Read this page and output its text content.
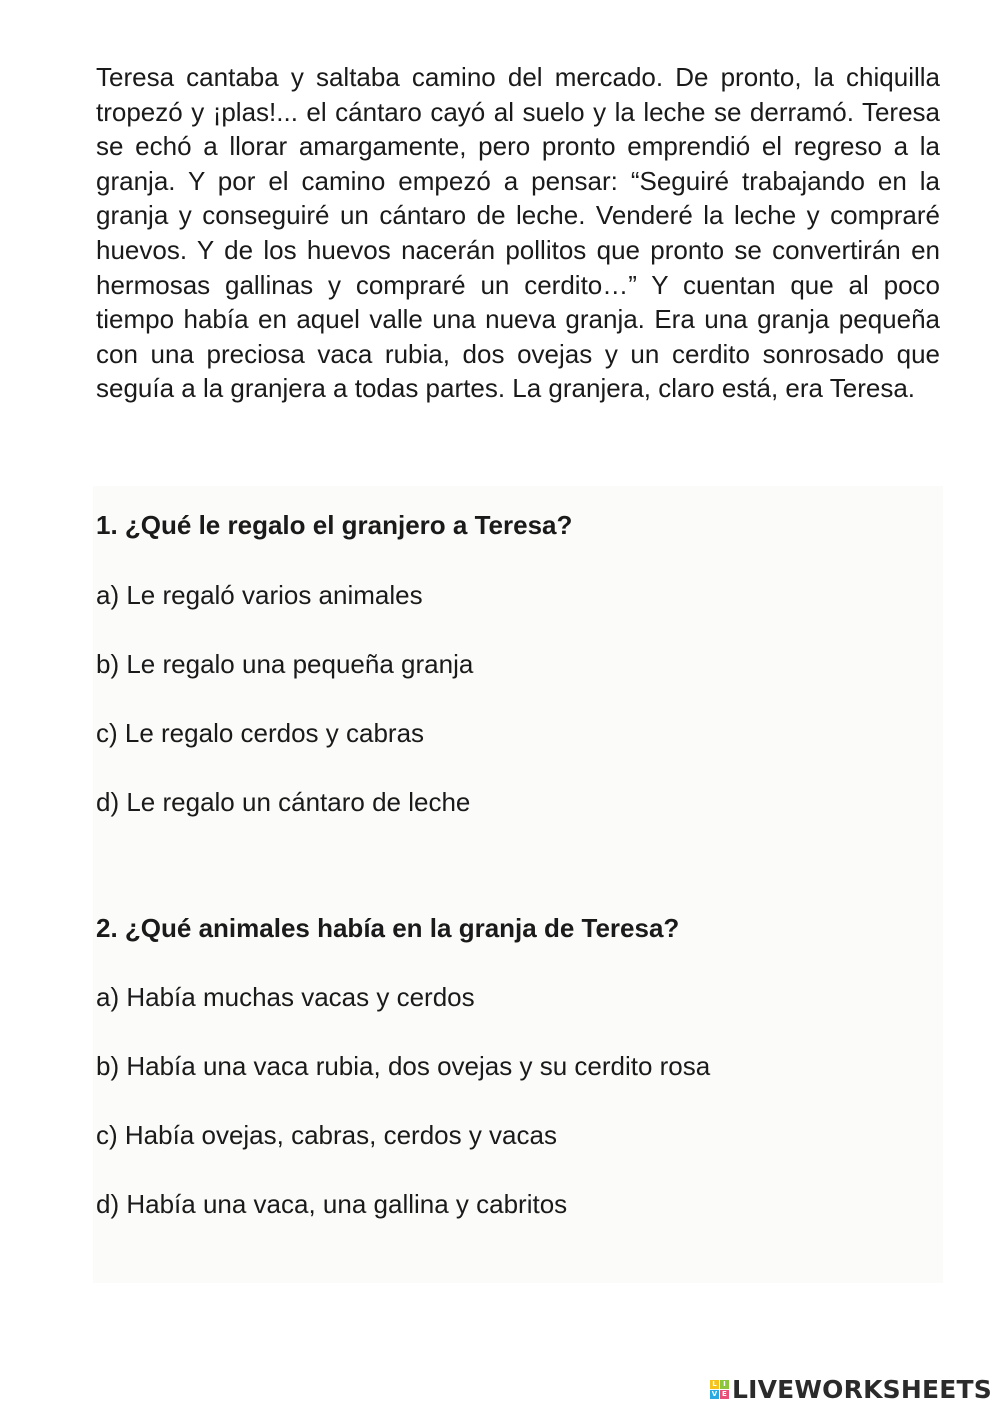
Teresa cantaba y saltaba camino del mercado. De pronto, la chiquilla tropezó y ¡plas!... el cántaro cayó al suelo y la leche se derramó. Teresa se echó a llorar amargamente, pero pronto emprendió el regreso a la granja. Y por el camino empezó a pensar: “Seguiré trabajando en la granja y conseguiré un cántaro de leche. Venderé la leche y compraré huevos. Y de los huevos nacerán pollitos que pronto se convertirán en hermosas gallinas y compraré un cerdito…” Y cuentan que al poco tiempo había en aquel valle una nueva granja. Era una granja pequeña con una preciosa vaca rubia, dos ovejas y un cerdito sonrosado que seguía a la granjera a todas partes. La granjera, claro está, era Teresa.

1. ¿Qué le regalo el granjero a Teresa?

a) Le regaló varios animales

b) Le regalo una pequeña granja

c) Le regalo cerdos y cabras

d) Le regalo un cántaro de leche

2. ¿Qué animales había en la granja de Teresa?

a) Había muchas vacas y cerdos

b) Había una vaca rubia, dos ovejas y su cerdito rosa

c) Había ovejas, cabras, cerdos y vacas

d) Había una vaca, una gallina y cabritos

L I
V E LIVEWORKSHEETS
